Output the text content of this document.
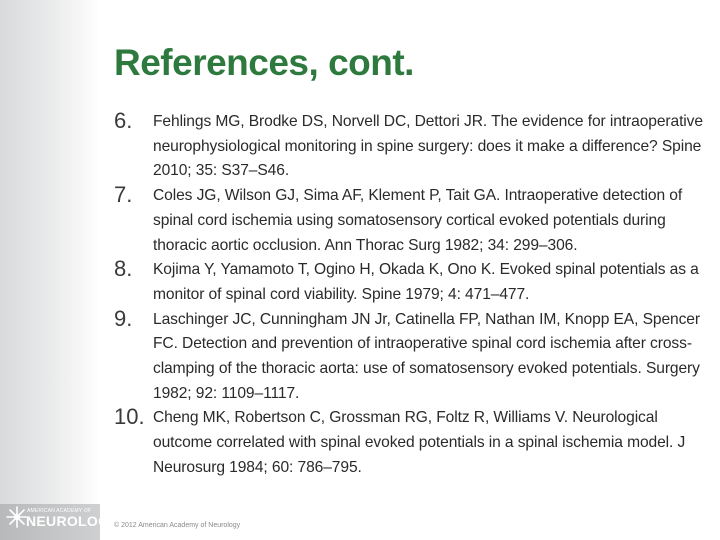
References, cont.
6.	Fehlings MG, Brodke DS, Norvell DC, Dettori JR. The evidence for intraoperative neurophysiological monitoring in spine surgery: does it make a difference? Spine 2010; 35: S37–S46.
7.	Coles JG, Wilson GJ, Sima AF, Klement P, Tait GA. Intraoperative detection of spinal cord ischemia using somatosensory cortical evoked potentials during thoracic aortic occlusion. Ann Thorac Surg 1982; 34: 299–306.
8.	Kojima Y, Yamamoto T, Ogino H, Okada K, Ono K. Evoked spinal potentials as a monitor of spinal cord viability. Spine 1979; 4: 471–477.
9.	Laschinger JC, Cunningham JN Jr, Catinella FP, Nathan IM, Knopp EA, Spencer FC. Detection and prevention of intraoperative spinal cord ischemia after cross-clamping of the thoracic aorta: use of somatosensory evoked potentials. Surgery 1982; 92: 1109–1117.
10. Cheng MK, Robertson C, Grossman RG, Foltz R, Williams V. Neurological outcome correlated with spinal evoked potentials in a spinal ischemia model. J Neurosurg 1984; 60: 786–795.
AMERICAN ACADEMY OF
NEUROLOGY.
© 2012 American Academy of Neurology
